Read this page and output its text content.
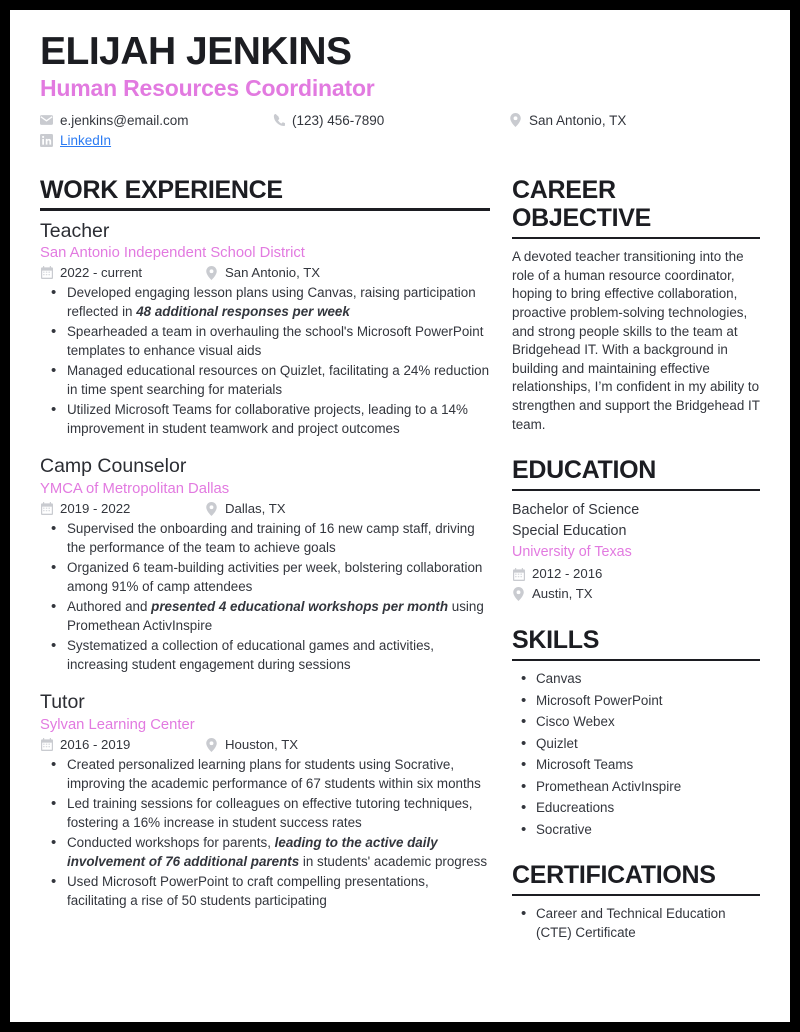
ELIJAH JENKINS
Human Resources Coordinator
e.jenkins@email.com	(123) 456-7890	San Antonio, TX
LinkedIn
WORK EXPERIENCE
Teacher
San Antonio Independent School District
2022 - current	San Antonio, TX
• Developed engaging lesson plans using Canvas, raising participation reflected in 48 additional responses per week
• Spearheaded a team in overhauling the school's Microsoft PowerPoint templates to enhance visual aids
• Managed educational resources on Quizlet, facilitating a 24% reduction in time spent searching for materials
• Utilized Microsoft Teams for collaborative projects, leading to a 14% improvement in student teamwork and project outcomes
Camp Counselor
YMCA of Metropolitan Dallas
2019 - 2022	Dallas, TX
• Supervised the onboarding and training of 16 new camp staff, driving the performance of the team to achieve goals
• Organized 6 team-building activities per week, bolstering collaboration among 91% of camp attendees
• Authored and presented 4 educational workshops per month using Promethean ActivInspire
• Systematized a collection of educational games and activities, increasing student engagement during sessions
Tutor
Sylvan Learning Center
2016 - 2019	Houston, TX
• Created personalized learning plans for students using Socrative, improving the academic performance of 67 students within six months
• Led training sessions for colleagues on effective tutoring techniques, fostering a 16% increase in student success rates
• Conducted workshops for parents, leading to the active daily involvement of 76 additional parents in students' academic progress
• Used Microsoft PowerPoint to craft compelling presentations, facilitating a rise of 50 students participating
CAREER OBJECTIVE

A devoted teacher transitioning into the role of a human resource coordinator, hoping to bring effective collaboration, proactive problem-solving technologies, and strong people skills to the team at Bridgehead IT. With a background in building and maintaining effective relationships, I’m confident in my ability to strengthen and support the Bridgehead IT team.

EDUCATION
Bachelor of Science
Special Education
University of Texas
2012 - 2016
Austin, TX
SKILLS
• Canvas
• Microsoft PowerPoint
• Cisco Webex
• Quizlet
• Microsoft Teams
• Promethean ActivInspire
• Educreations
• Socrative
CERTIFICATIONS
• Career and Technical Education (CTE) Certificate
